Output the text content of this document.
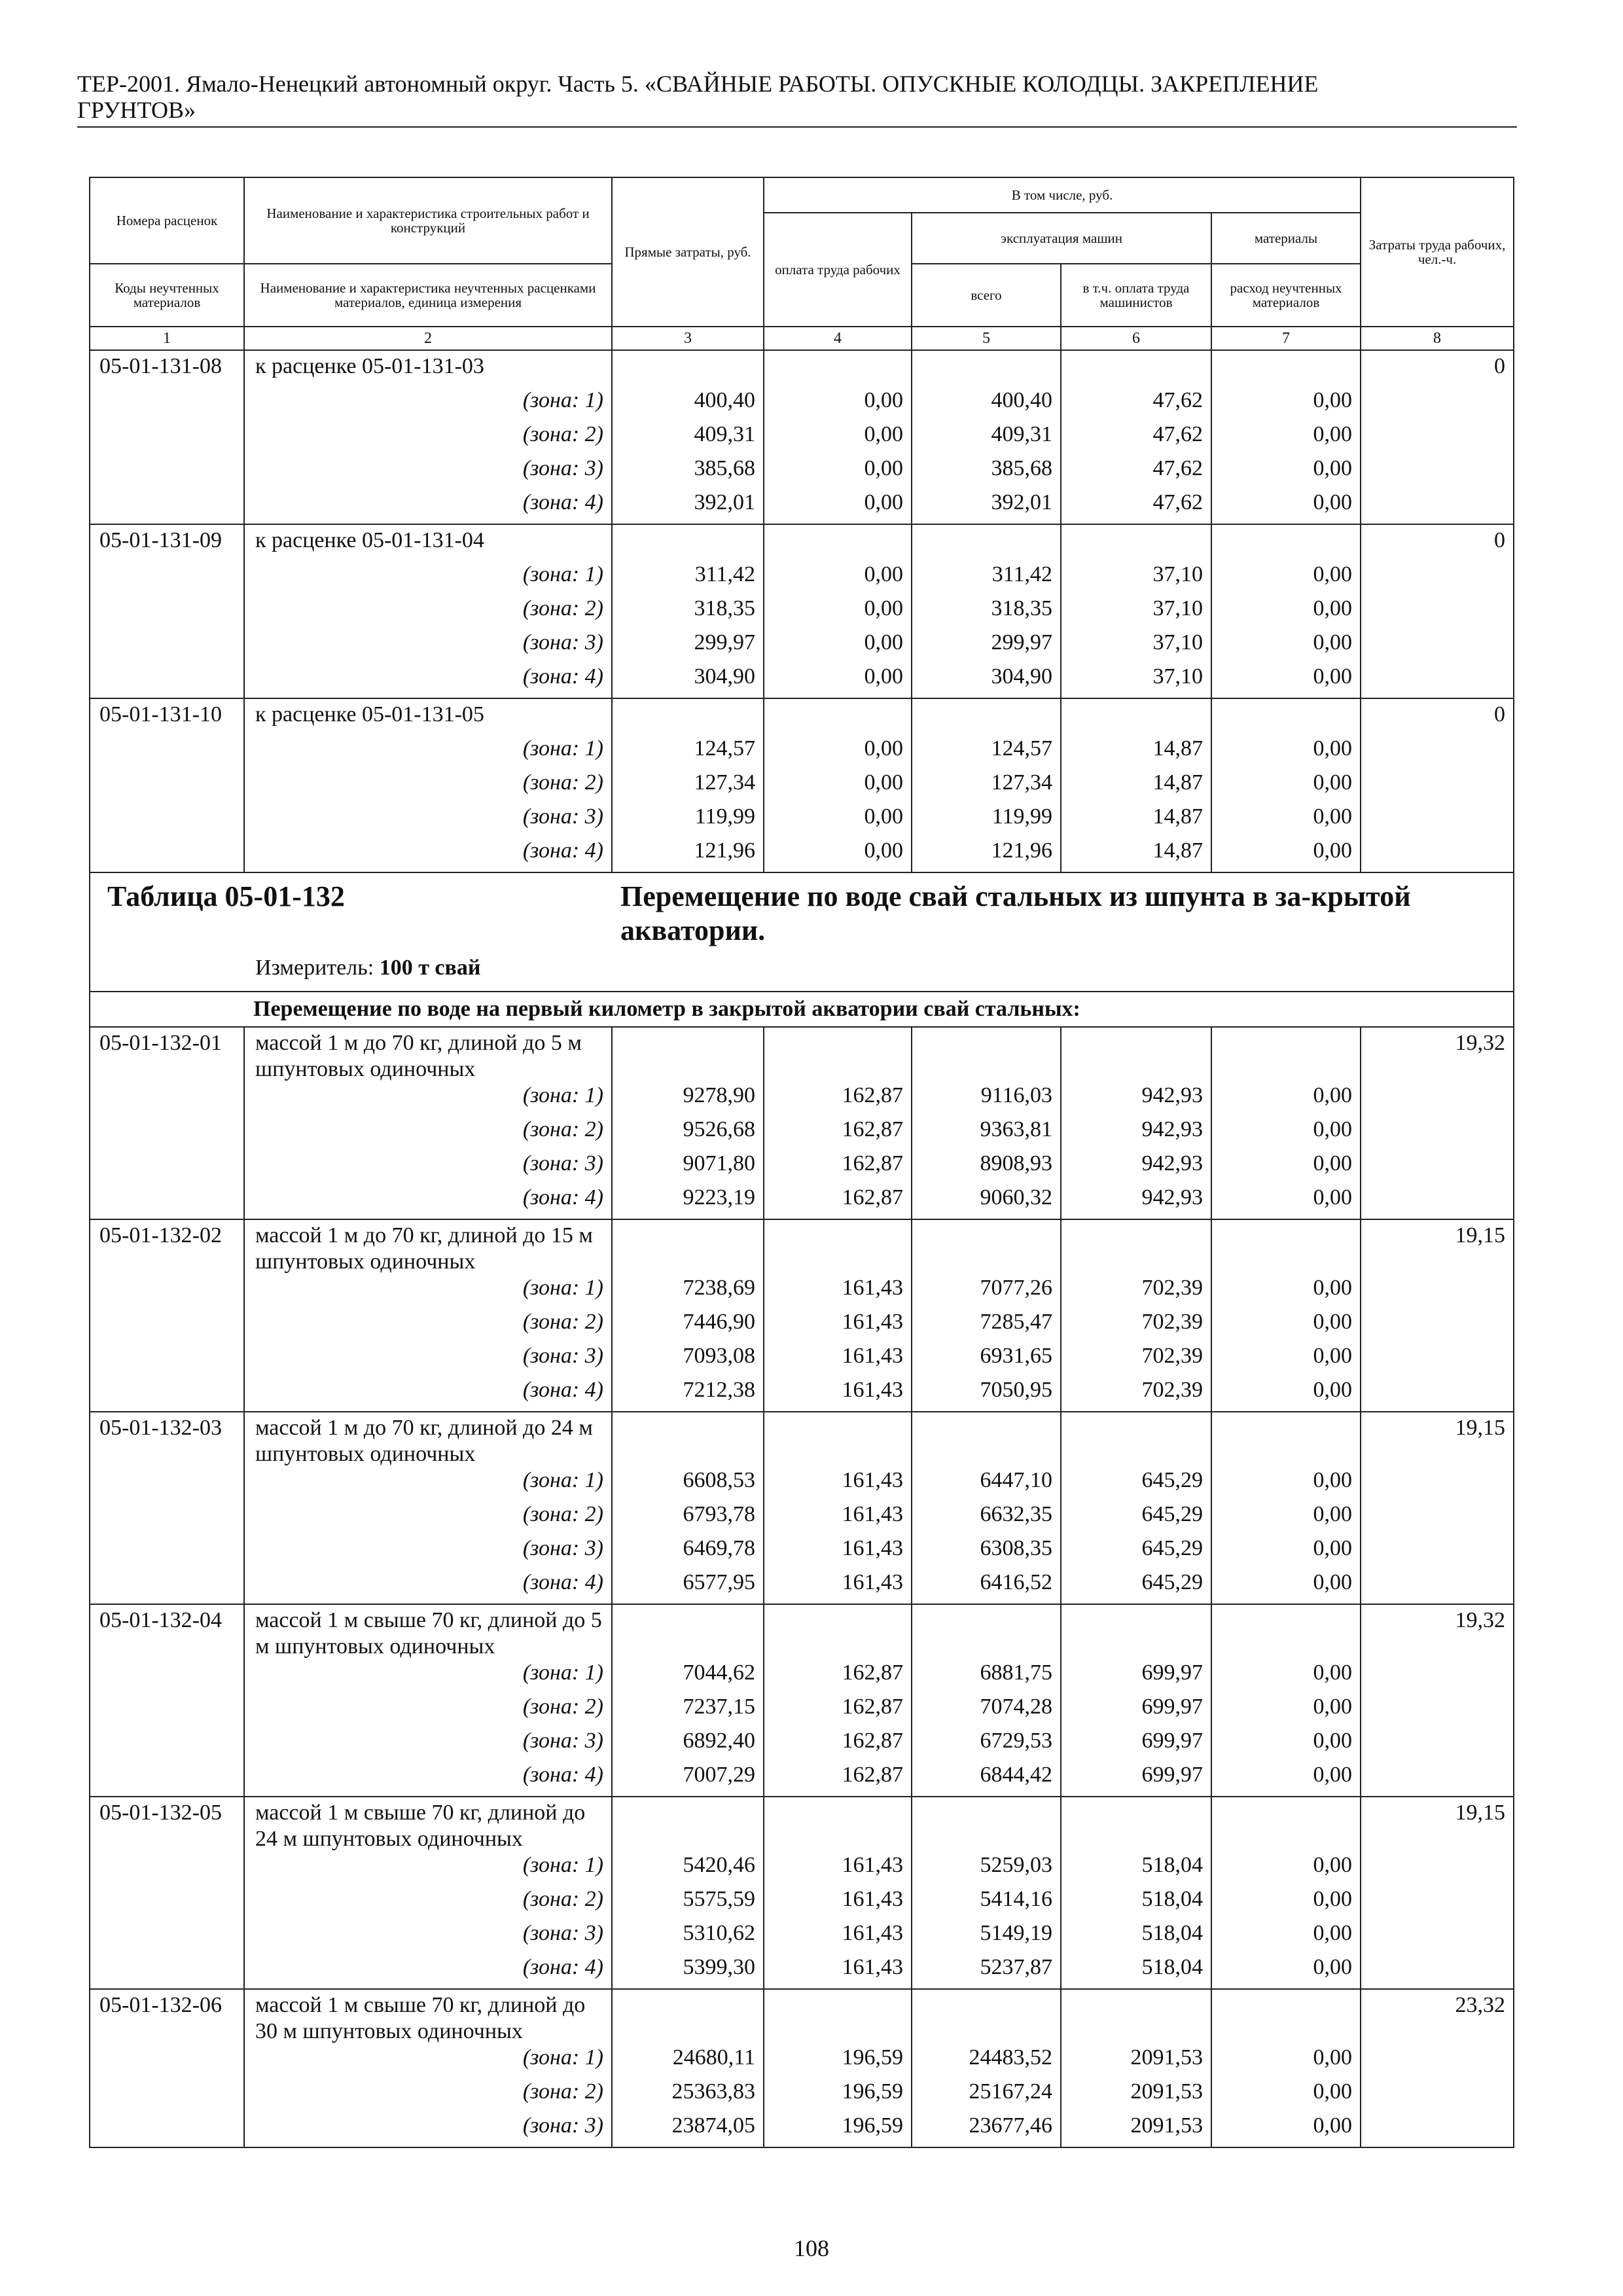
ТЕР-2001. Ямало-Ненецкий автономный округ. Часть 5. «СВАЙНЫЕ РАБОТЫ. ОПУСКНЫЕ КОЛОДЦЫ. ЗАКРЕПЛЕНИЕ
ГРУНТОВ»
Номера расценок	Наименование и характеристика строительных работ и конструкций	Прямые затраты, руб.	В том числе, руб.				Затраты труда рабочих, чел.-ч.
			оплата труда рабочих	эксплуатация машин		материалы	
Коды неучтенных материалов	Наименование и характеристика неучтенных расценками материалов, единица измерения			всего	в т.ч. оплата труда машинистов	расход неучтенных материалов	
1	2	3	4	5	6	7	8
05-01-131-08	к расценке 05-01-131-03						0
	(зона: 1)	400,40	0,00	400,40	47,62	0,00	
	(зона: 2)	409,31	0,00	409,31	47,62	0,00	
	(зона: 3)	385,68	0,00	385,68	47,62	0,00	
	(зона: 4)	392,01	0,00	392,01	47,62	0,00	
05-01-131-09	к расценке 05-01-131-04						0
	(зона: 1)	311,42	0,00	311,42	37,10	0,00	
	(зона: 2)	318,35	0,00	318,35	37,10	0,00	
	(зона: 3)	299,97	0,00	299,97	37,10	0,00	
	(зона: 4)	304,90	0,00	304,90	37,10	0,00	
05-01-131-10	к расценке 05-01-131-05						0
	(зона: 1)	124,57	0,00	124,57	14,87	0,00	
	(зона: 2)	127,34	0,00	127,34	14,87	0,00	
	(зона: 3)	119,99	0,00	119,99	14,87	0,00	
	(зона: 4)	121,96	0,00	121,96	14,87	0,00	

Таблица 05-01-132 Перемещение по воде свай стальных из шпунта в за-крытой акватории.
Измеритель: 100 т свай							

	Перемещение по воде на первый километр в закрытой акватории свай стальных:						
05-01-132-01	массой 1 м до 70 кг, длиной до 5 м шпунтовых одиночных						19,32
	(зона: 1)	9278,90	162,87	9116,03	942,93	0,00	
	(зона: 2)	9526,68	162,87	9363,81	942,93	0,00	
	(зона: 3)	9071,80	162,87	8908,93	942,93	0,00	
	(зона: 4)	9223,19	162,87	9060,32	942,93	0,00	
05-01-132-02	массой 1 м до 70 кг, длиной до 15 м шпунтовых одиночных						19,15
	(зона: 1)	7238,69	161,43	7077,26	702,39	0,00	
	(зона: 2)	7446,90	161,43	7285,47	702,39	0,00	
	(зона: 3)	7093,08	161,43	6931,65	702,39	0,00	
	(зона: 4)	7212,38	161,43	7050,95	702,39	0,00	
05-01-132-03	массой 1 м до 70 кг, длиной до 24 м шпунтовых одиночных						19,15
	(зона: 1)	6608,53	161,43	6447,10	645,29	0,00	
	(зона: 2)	6793,78	161,43	6632,35	645,29	0,00	
	(зона: 3)	6469,78	161,43	6308,35	645,29	0,00	
	(зона: 4)	6577,95	161,43	6416,52	645,29	0,00	
05-01-132-04	массой 1 м свыше 70 кг, длиной до 5 м шпунтовых одиночных						19,32
	(зона: 1)	7044,62	162,87	6881,75	699,97	0,00	
	(зона: 2)	7237,15	162,87	7074,28	699,97	0,00	
	(зона: 3)	6892,40	162,87	6729,53	699,97	0,00	
	(зона: 4)	7007,29	162,87	6844,42	699,97	0,00	
05-01-132-05	массой 1 м свыше 70 кг, длиной до 24 м шпунтовых одиночных						19,15
	(зона: 1)	5420,46	161,43	5259,03	518,04	0,00	
	(зона: 2)	5575,59	161,43	5414,16	518,04	0,00	
	(зона: 3)	5310,62	161,43	5149,19	518,04	0,00	
	(зона: 4)	5399,30	161,43	5237,87	518,04	0,00	
05-01-132-06	массой 1 м свыше 70 кг, длиной до 30 м шпунтовых одиночных						23,32
	(зона: 1)	24680,11	196,59	24483,52	2091,53	0,00	
	(зона: 2)	25363,83	196,59	25167,24	2091,53	0,00	
	(зона: 3)	23874,05	196,59	23677,46	2091,53	0,00	
108
